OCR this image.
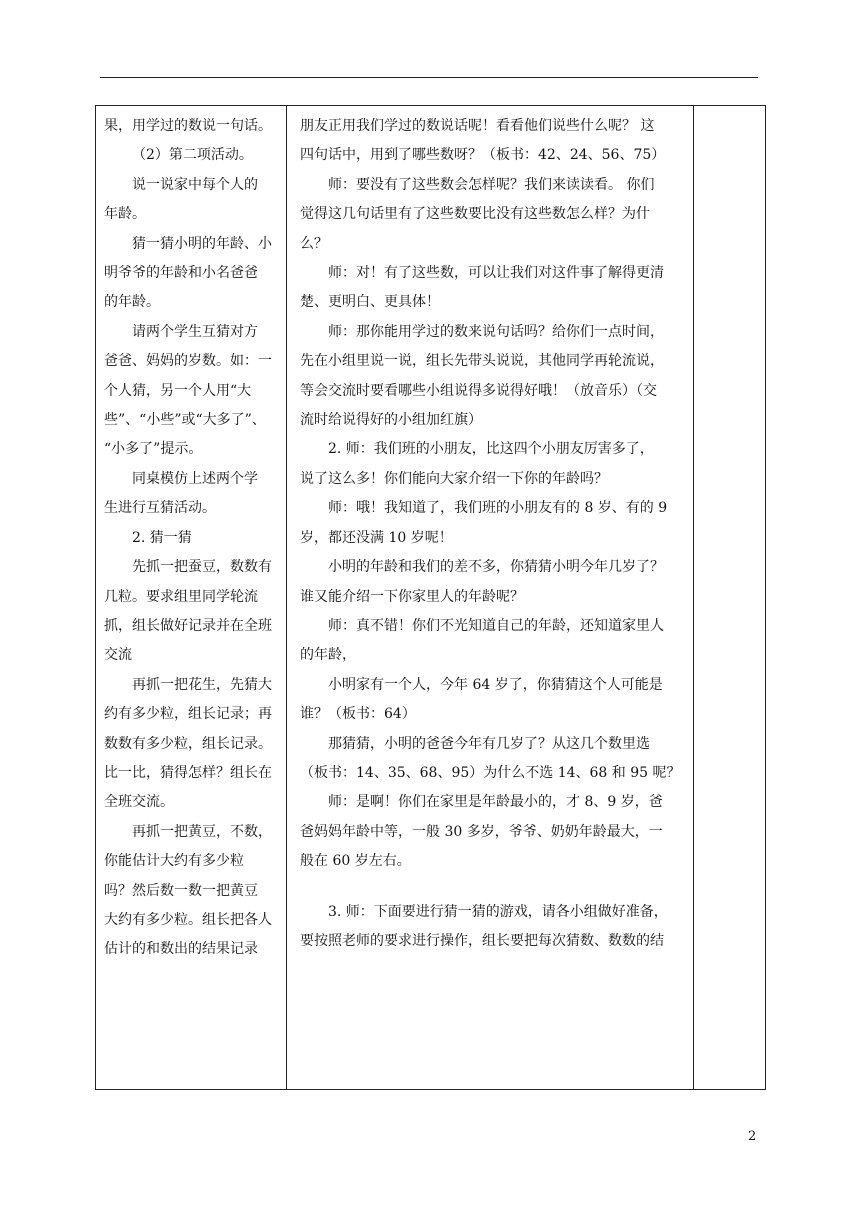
果，用学过的数说一句话。

（2）第二项活动。

说一说家中每个人的

年龄。

猜一猜小明的年龄、小

明爷爷的年龄和小名爸爸

的年龄。

请两个学生互猜对方

爸爸、妈妈的岁数。如：一

个人猜，另一个人用“大

些”、“小些”或“大多了”、

“小多了”提示。

同桌模仿上述两个学

生进行互猜活动。

2. 猜一猜

先抓一把蚕豆，数数有

几粒。要求组里同学轮流

抓，组长做好记录并在全班

交流

再抓一把花生，先猜大

约有多少粒，组长记录；再

数数有多少粒，组长记录。

比一比，猜得怎样？组长在

全班交流。

再抓一把黄豆，不数，

你能估计大约有多少粒

吗？然后数一数一把黄豆

大约有多少粒。组长把各人

估计的和数出的结果记录

朋友正用我们学过的数说话呢！看看他们说些什么呢？ 这

四句话中，用到了哪些数呀？（板书：42、24、56、75）

师：要没有了这些数会怎样呢？我们来读读看。 你们

觉得这几句话里有了这些数要比没有这些数怎么样？为什

么？

师：对！有了这些数，可以让我们对这件事了解得更清

楚、更明白、更具体！

师：那你能用学过的数来说句话吗？给你们一点时间，

先在小组里说一说，组长先带头说说，其他同学再轮流说，

等会交流时要看哪些小组说得多说得好哦！（放音乐）（交

流时给说得好的小组加红旗）

2. 师：我们班的小朋友，比这四个小朋友厉害多了，

说了这么多！你们能向大家介绍一下你的年龄吗？

师：哦！我知道了，我们班的小朋友有的 8 岁、有的 9

岁，都还没满 10 岁呢！

小明的年龄和我们的差不多，你猜猜小明今年几岁了？

谁又能介绍一下你家里人的年龄呢？

师：真不错！你们不光知道自己的年龄，还知道家里人

的年龄，

小明家有一个人，今年 64 岁了，你猜猜这个人可能是

谁？（板书：64）

那猜猜，小明的爸爸今年有几岁了？从这几个数里选

（板书：14、35、68、95）为什么不选 14、68 和 95 呢？

师：是啊！你们在家里是年龄最小的，才 8、9 岁，爸

爸妈妈年龄中等，一般 30 多岁，爷爷、奶奶年龄最大，一

般在 60 岁左右。

3. 师：下面要进行猜一猜的游戏，请各小组做好准备，

要按照老师的要求进行操作，组长要把每次猜数、数数的结

2
